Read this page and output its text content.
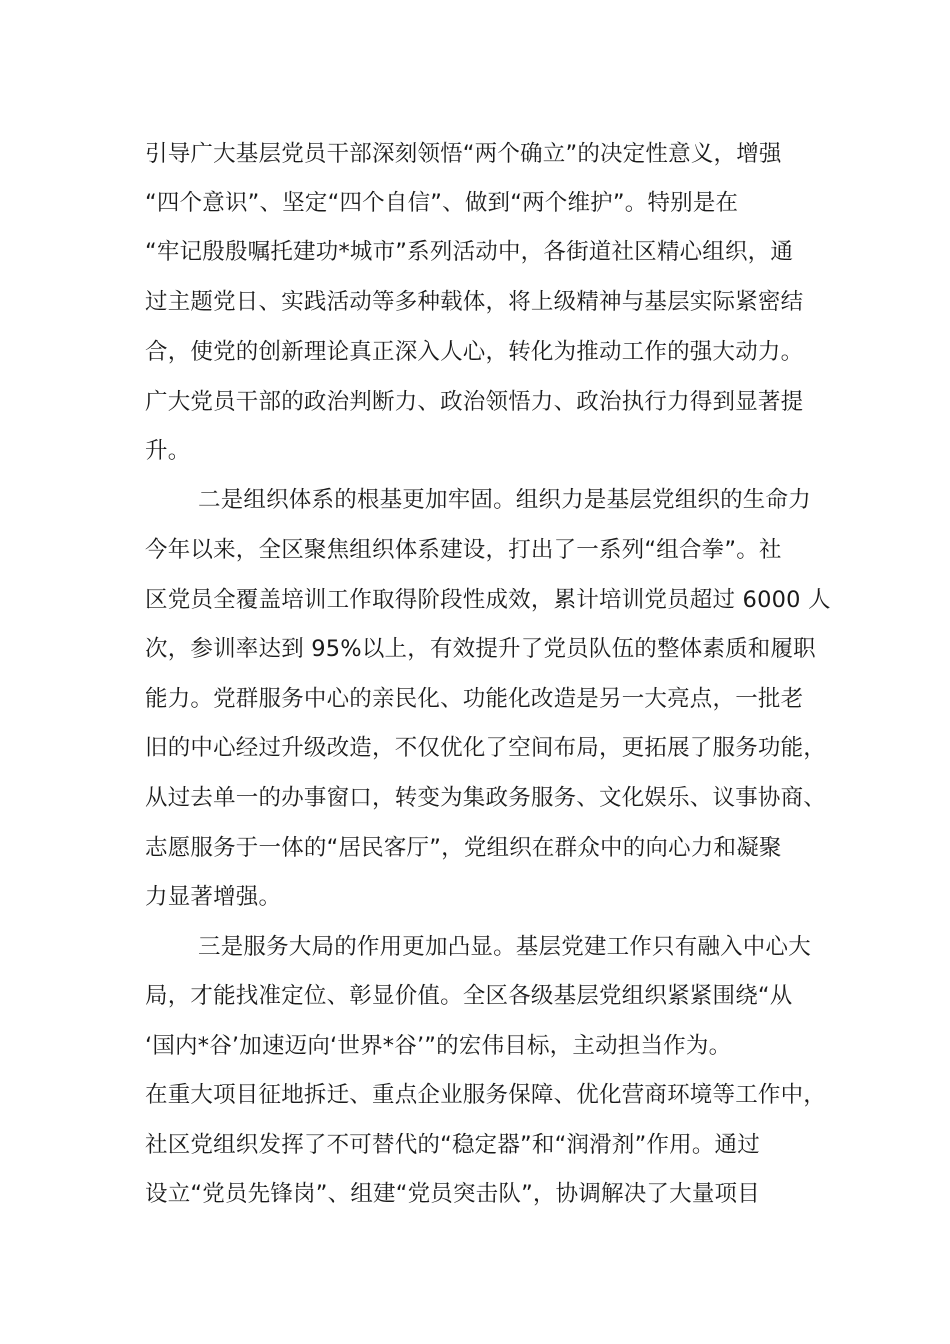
引导广大基层党员干部深刻领悟“两个确立”的决定性意义，增强
“四个意识”、坚定“四个自信”、做到“两个维护”。特别是在
“牢记殷殷嘱托建功*城市”系列活动中，各街道社区精心组织，通
过主题党日、实践活动等多种载体，将上级精神与基层实际紧密结
合，使党的创新理论真正深入人心，转化为推动工作的强大动力。
广大党员干部的政治判断力、政治领悟力、政治执行力得到显著提
升。
二是组织体系的根基更加牢固。组织力是基层党组织的生命力
今年以来，全区聚焦组织体系建设，打出了一系列“组合拳”。社
区党员全覆盖培训工作取得阶段性成效，累计培训党员超过 6000 人
次，参训率达到 95%以上，有效提升了党员队伍的整体素质和履职
能力。党群服务中心的亲民化、功能化改造是另一大亮点，一批老
旧的中心经过升级改造，不仅优化了空间布局，更拓展了服务功能，
从过去单一的办事窗口，转变为集政务服务、文化娱乐、议事协商、
志愿服务于一体的“居民客厅”，党组织在群众中的向心力和凝聚
力显著增强。
三是服务大局的作用更加凸显。基层党建工作只有融入中心大
局，才能找准定位、彰显价值。全区各级基层党组织紧紧围绕“从
‘国内*谷’加速迈向‘世界*谷’”的宏伟目标，主动担当作为。
在重大项目征地拆迁、重点企业服务保障、优化营商环境等工作中，
社区党组织发挥了不可替代的“稳定器”和“润滑剂”作用。通过
设立“党员先锋岗”、组建“党员突击队”，协调解决了大量项目
